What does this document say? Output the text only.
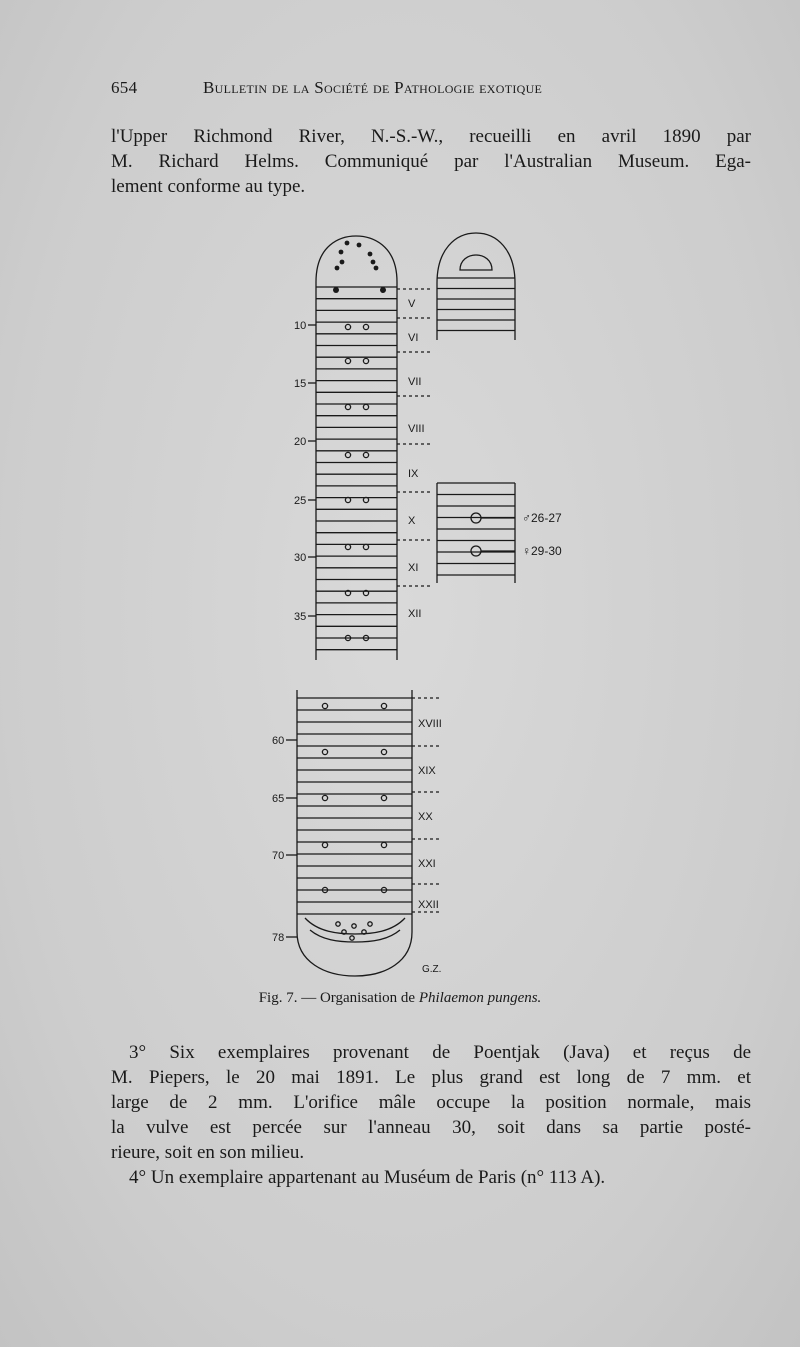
654	Bulletin de la Société de Pathologie exotique
l'Upper Richmond River, N.-S.-W., recueilli en avril 1890 par
M. Richard Helms. Communiqué par l'Australian Museum. Ega-
lement conforme au type.
10
15
20
25
30
35
V
VI
VII
VIII
IX
X
XI
XII
♂26-27
♀29-30
60
65
70
78
XVIII
XIX
XX
XXI
XXII
G.Z.
Fig. 7. — Organisation de Philaemon pungens.
3° Six exemplaires provenant de Poentjak (Java) et reçus de
M. Piepers, le 20 mai 1891. Le plus grand est long de 7 mm. et
large de 2 mm. L'orifice mâle occupe la position normale, mais
la vulve est percée sur l'anneau 30, soit dans sa partie posté-
rieure, soit en son milieu.
4° Un exemplaire appartenant au Muséum de Paris (n° 113 A).
